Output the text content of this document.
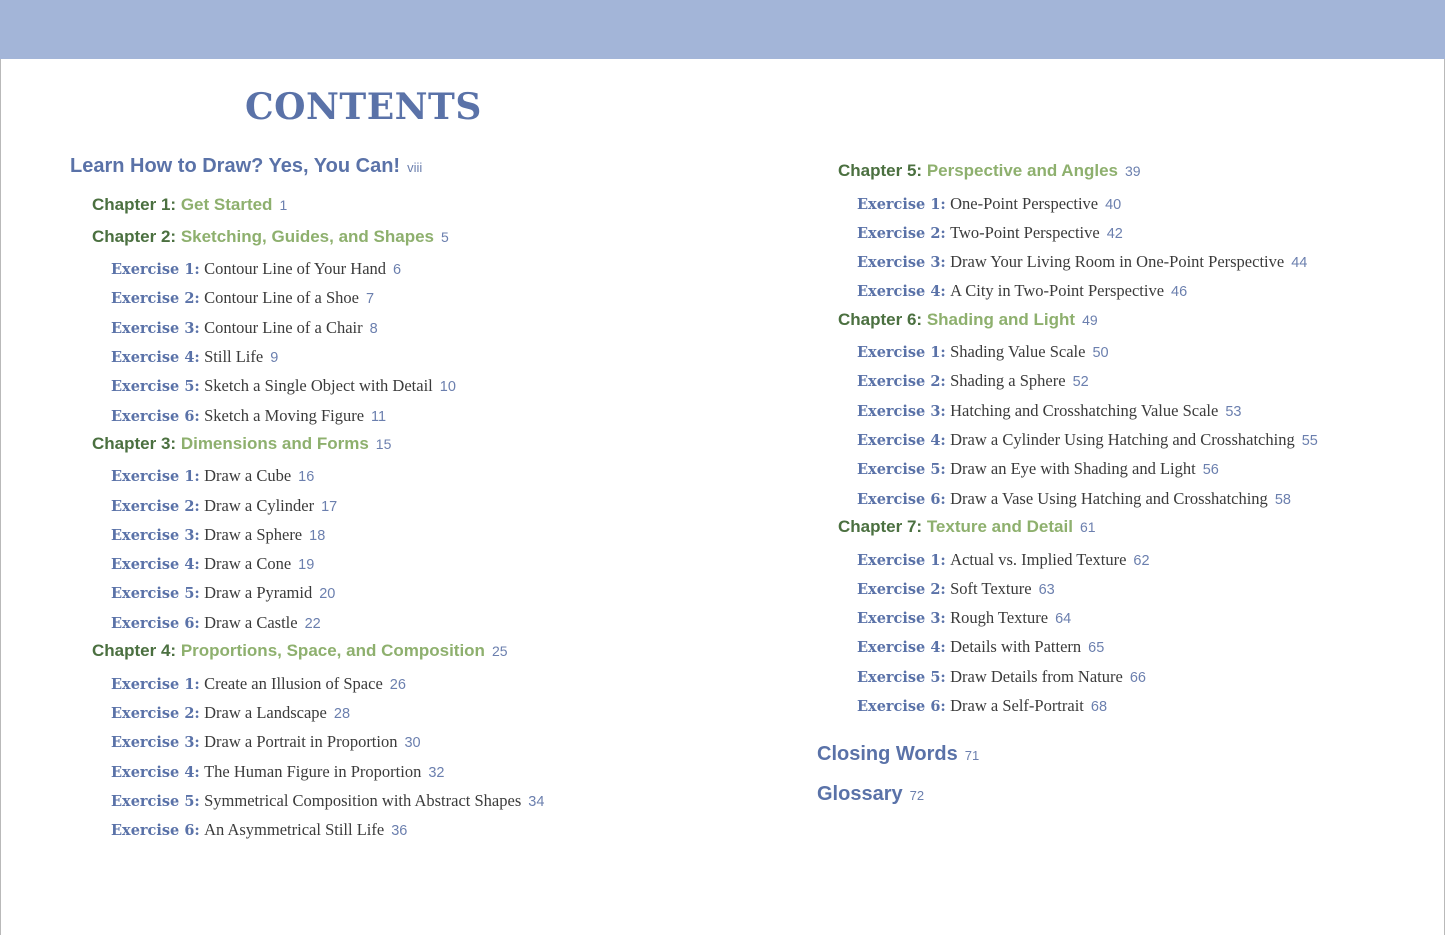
CONTENTS
Learn How to Draw? Yes, You Can! viii
Chapter 1: Get Started 1
Chapter 2: Sketching, Guides, and Shapes 5
Exercise 1: Contour Line of Your Hand 6
Exercise 2: Contour Line of a Shoe 7
Exercise 3: Contour Line of a Chair 8
Exercise 4: Still Life 9
Exercise 5: Sketch a Single Object with Detail 10
Exercise 6: Sketch a Moving Figure 11
Chapter 3: Dimensions and Forms 15
Exercise 1: Draw a Cube 16
Exercise 2: Draw a Cylinder 17
Exercise 3: Draw a Sphere 18
Exercise 4: Draw a Cone 19
Exercise 5: Draw a Pyramid 20
Exercise 6: Draw a Castle 22
Chapter 4: Proportions, Space, and Composition 25
Exercise 1: Create an Illusion of Space 26
Exercise 2: Draw a Landscape 28
Exercise 3: Draw a Portrait in Proportion 30
Exercise 4: The Human Figure in Proportion 32
Exercise 5: Symmetrical Composition with Abstract Shapes 34
Exercise 6: An Asymmetrical Still Life 36
Chapter 5: Perspective and Angles 39
Exercise 1: One-Point Perspective 40
Exercise 2: Two-Point Perspective 42
Exercise 3: Draw Your Living Room in One-Point Perspective 44
Exercise 4: A City in Two-Point Perspective 46
Chapter 6: Shading and Light 49
Exercise 1: Shading Value Scale 50
Exercise 2: Shading a Sphere 52
Exercise 3: Hatching and Crosshatching Value Scale 53
Exercise 4: Draw a Cylinder Using Hatching and Crosshatching 55
Exercise 5: Draw an Eye with Shading and Light 56
Exercise 6: Draw a Vase Using Hatching and Crosshatching 58
Chapter 7: Texture and Detail 61
Exercise 1: Actual vs. Implied Texture 62
Exercise 2: Soft Texture 63
Exercise 3: Rough Texture 64
Exercise 4: Details with Pattern 65
Exercise 5: Draw Details from Nature 66
Exercise 6: Draw a Self-Portrait 68
Closing Words 71
Glossary 72
